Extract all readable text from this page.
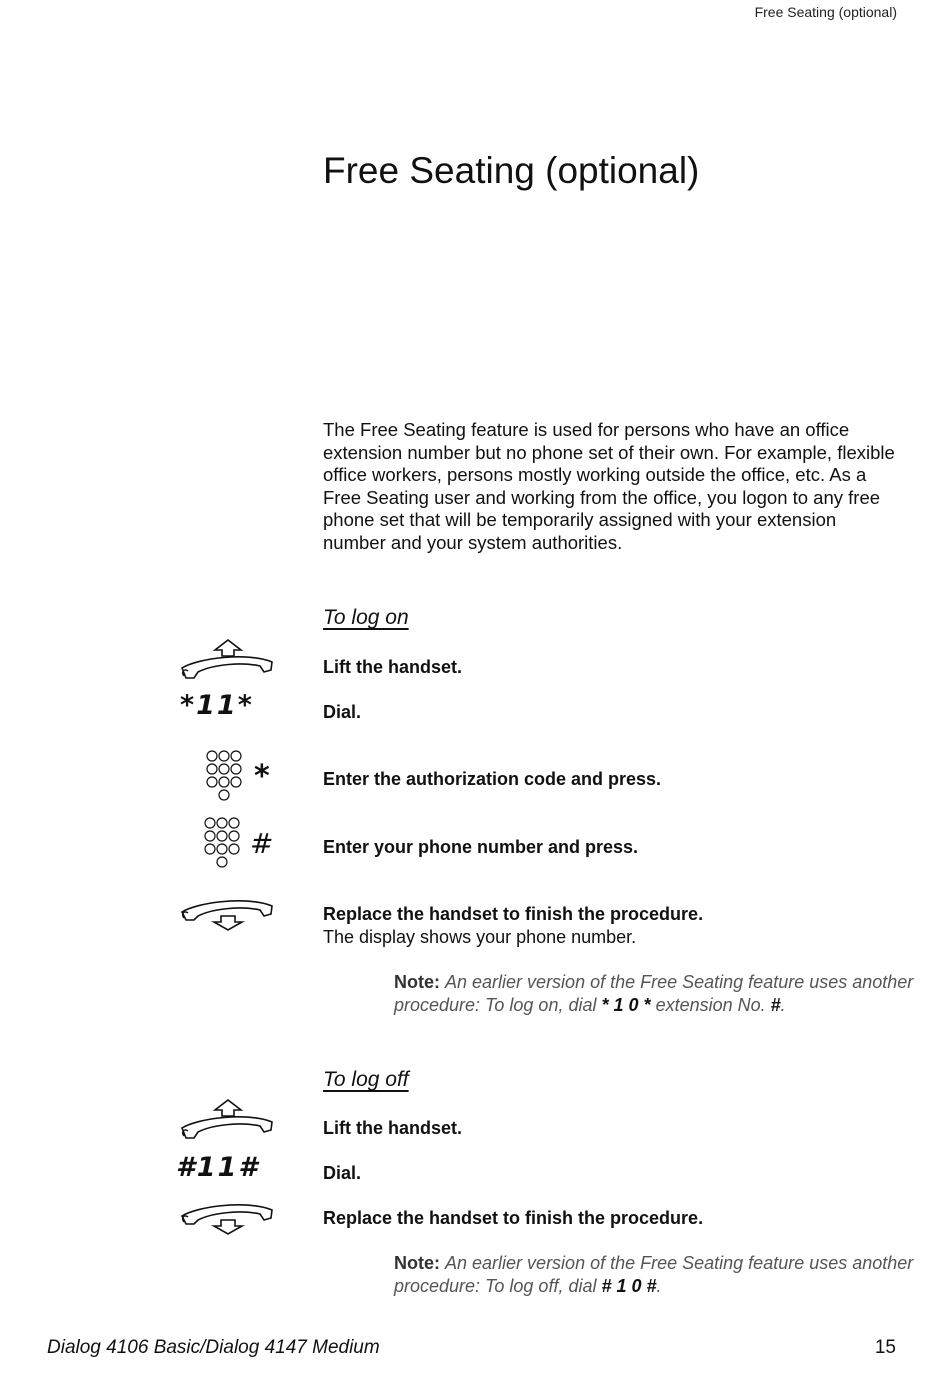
Free Seating (optional)
Free Seating (optional)

The Free Seating feature is used for persons who have an office extension number but no phone set of their own. For example, flexible office workers, persons mostly working outside the office, etc. As a Free Seating user and working from the office, you logon to any free phone set that will be temporarily assigned with your extension number and your system authorities.

To log on
Lift the handset.
*11*	Dial.
*	Enter the authorization code and press.
#	Enter your phone number and press.
Replace the handset to finish the procedure.
The display shows your phone number.
Note: An earlier version of the Free Seating feature uses another procedure: To log on, dial * 1 0 * extension No. #.
To log off
Lift the handset.
#11#	Dial.
Replace the handset to finish the procedure.
Note: An earlier version of the Free Seating feature uses another procedure: To log off, dial # 1 0 #.
Dialog 4106 Basic/Dialog 4147 Medium	15
